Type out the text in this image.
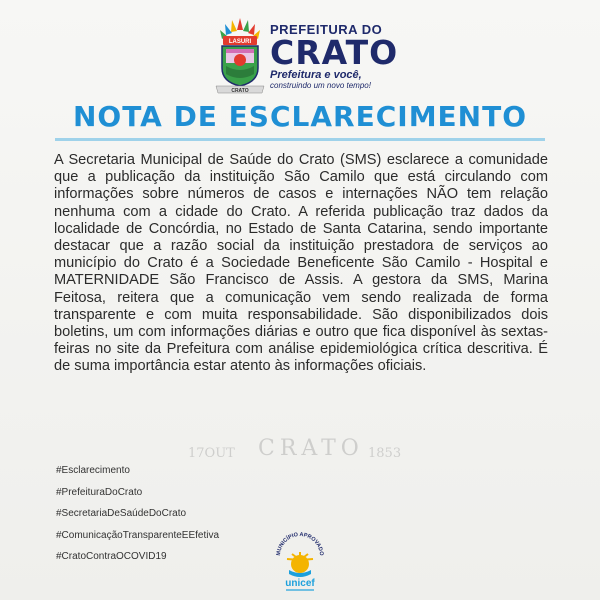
LASURI
CRATO
PREFEITURA DO
CRATO
Prefeitura e você,
construindo um novo tempo!
NOTA DE ESCLARECIMENTO
17OUT CRATO 1853
A Secretaria Municipal de Saúde do Crato (SMS) esclarece a comunidade que a publicação da instituição São Camilo que está circulando com informações sobre números de casos e internações NÃO tem relação nenhuma com a cidade do Crato. A referida publicação traz dados da localidade de Concórdia, no Estado de Santa Catarina, sendo importante destacar que a razão social da instituição prestadora de serviços ao município do Crato é a Sociedade Beneficente São Camilo - Hospital e MATERNIDADE São Francisco de Assis. A gestora da SMS, Marina Feitosa, reitera que a comunicação vem sendo realizada de forma transparente e com muita responsabilidade. São disponibilizados dois boletins, um com informações diárias e outro que fica disponível às sextas-feiras no site da Prefeitura com análise epidemiológica crítica descritiva. É de suma importância estar atento às informações oficiais.
#Esclarecimento
#PrefeituraDoCrato
#SecretariaDeSaúdeDoCrato
#ComunicaçãoTransparenteEEfetiva
#CratoContraOCOVID19	MUNICÍPIO APROVADO
unicef
